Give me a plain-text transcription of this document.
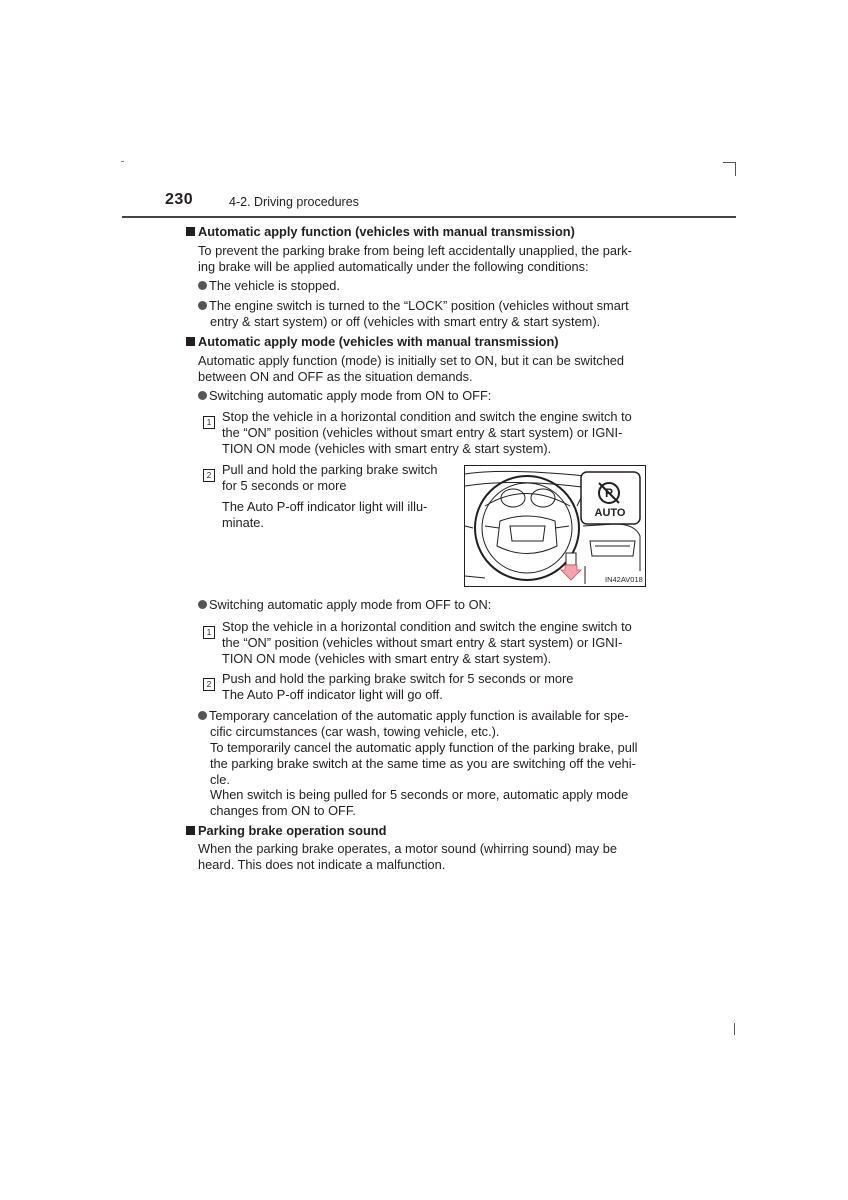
230	4-2. Driving procedures
Automatic apply function (vehicles with manual transmission)
To prevent the parking brake from being left accidentally unapplied, the park-
ing brake will be applied automatically under the following conditions:
The vehicle is stopped.
The engine switch is turned to the “LOCK” position (vehicles without smart
entry & start system) or off (vehicles with smart entry & start system).
Automatic apply mode (vehicles with manual transmission)
Automatic apply function (mode) is initially set to ON, but it can be switched
between ON and OFF as the situation demands.
Switching automatic apply mode from ON to OFF:
1 Stop the vehicle in a horizontal condition and switch the engine switch to
the “ON” position (vehicles without smart entry & start system) or IGNI-
TION ON mode (vehicles with smart entry & start system).
2 Pull and hold the parking brake switch
for 5 seconds or more
The Auto P-off indicator light will illu-
minate.
P
AUTO
IN42AV018
Switching automatic apply mode from OFF to ON:
1 Stop the vehicle in a horizontal condition and switch the engine switch to
the “ON” position (vehicles without smart entry & start system) or IGNI-
TION ON mode (vehicles with smart entry & start system).
2 Push and hold the parking brake switch for 5 seconds or more
The Auto P-off indicator light will go off.
Temporary cancelation of the automatic apply function is available for spe-
cific circumstances (car wash, towing vehicle, etc.).
To temporarily cancel the automatic apply function of the parking brake, pull
the parking brake switch at the same time as you are switching off the vehi-
cle.
When switch is being pulled for 5 seconds or more, automatic apply mode
changes from ON to OFF.
Parking brake operation sound
When the parking brake operates, a motor sound (whirring sound) may be
heard. This does not indicate a malfunction.
